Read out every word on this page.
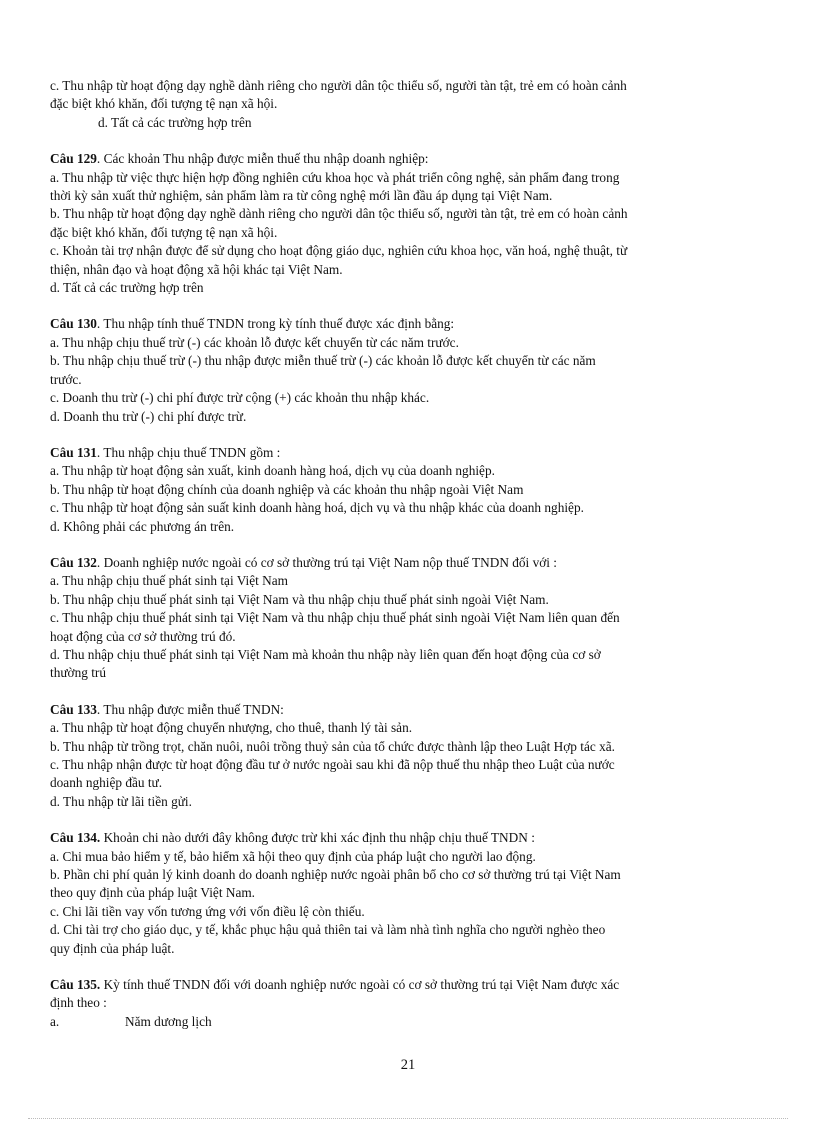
c. Thu nhập từ hoạt động dạy nghề dành riêng cho người dân tộc thiểu số, người tàn tật, trẻ em có hoàn cảnh
đặc biệt khó khăn, đối tượng tệ nạn xã hội.
d. Tất cả các trường hợp trên
Câu 129. Các khoản Thu nhập được miễn thuế thu nhập doanh nghiệp:
a. Thu nhập từ việc thực hiện hợp đồng nghiên cứu khoa học và phát triển công nghệ, sản phẩm đang trong
thời kỳ sản xuất thử nghiệm, sản phẩm làm ra từ công nghệ mới lần đầu áp dụng tại Việt Nam.
b. Thu nhập từ hoạt động dạy nghề dành riêng cho người dân tộc thiểu số, người tàn tật, trẻ em có hoàn cảnh
đặc biệt khó khăn, đối tượng tệ nạn xã hội.
c. Khoản tài trợ nhận được để sử dụng cho hoạt động giáo dục, nghiên cứu khoa học, văn hoá, nghệ thuật, từ
thiện, nhân đạo và hoạt động xã hội khác tại Việt Nam.
d. Tất cả các trường hợp trên
Câu 130. Thu nhập tính thuế TNDN trong kỳ tính thuế được xác định bằng:
a. Thu nhập chịu thuế trừ (-) các khoản lỗ được kết chuyển từ các năm trước.
b. Thu nhập chịu thuế trừ (-) thu nhập được miễn thuế trừ (-) các khoản lỗ được kết chuyển từ các năm
trước.
c. Doanh thu trừ (-) chi phí được trừ cộng (+) các khoản thu nhập khác.
d. Doanh thu trừ (-) chi phí được trừ.
Câu 131. Thu nhập chịu thuế TNDN gồm :
a. Thu nhập từ hoạt động sản xuất, kinh doanh hàng hoá, dịch vụ của doanh nghiệp.
b. Thu nhập từ hoạt động chính của doanh nghiệp và các khoản thu nhập ngoài Việt Nam
c. Thu nhập từ hoạt động sản suất kinh doanh hàng hoá, dịch vụ và thu nhập khác của doanh nghiệp.
d. Không phải các phương án trên.
Câu 132. Doanh nghiệp nước ngoài có cơ sở thường trú tại Việt Nam nộp thuế TNDN đối với :
a. Thu nhập chịu thuế phát sinh tại Việt Nam
b. Thu nhập chịu thuế phát sinh tại Việt Nam và thu nhập chịu thuế phát sinh ngoài Việt Nam.
c. Thu nhập chịu thuế phát sinh tại Việt Nam và thu nhập chịu thuế phát sinh ngoài Việt Nam liên quan đến
hoạt động của cơ sở thường trú đó.
d. Thu nhập chịu thuế phát sinh tại Việt Nam mà khoản thu nhập này liên quan đến hoạt động của cơ sở
thường trú
Câu 133. Thu nhập được miễn thuế TNDN:
a. Thu nhập từ hoạt động chuyển nhượng, cho thuê, thanh lý tài sản.
b. Thu nhập từ trồng trọt, chăn nuôi, nuôi trồng thuỷ sản của tổ chức được thành lập theo Luật Hợp tác xã.
c. Thu nhập nhận được từ hoạt động đầu tư ở nước ngoài sau khi đã nộp thuế thu nhập theo Luật của nước
doanh nghiệp đầu tư.
d. Thu nhập từ lãi tiền gửi.
Câu 134. Khoản chi nào dưới đây không được trừ khi xác định thu nhập chịu thuế TNDN :
a. Chi mua bảo hiểm y tế, bảo hiểm xã hội theo quy định của pháp luật cho người lao động.
b. Phần chi phí quản lý kinh doanh do doanh nghiệp nước ngoài phân bổ cho cơ sở thường trú tại Việt Nam
theo quy định của pháp luật Việt Nam.
c. Chi lãi tiền vay vốn tương ứng với vốn điều lệ còn thiếu.
d. Chi tài trợ cho giáo dục, y tế, khắc phục hậu quả thiên tai và làm nhà tình nghĩa cho người nghèo theo
quy định của pháp luật.
Câu 135. Kỳ tính thuế TNDN đối với doanh nghiệp nước ngoài có cơ sở thường trú tại Việt Nam được xác
định theo :
a.	Năm dương lịch
21
